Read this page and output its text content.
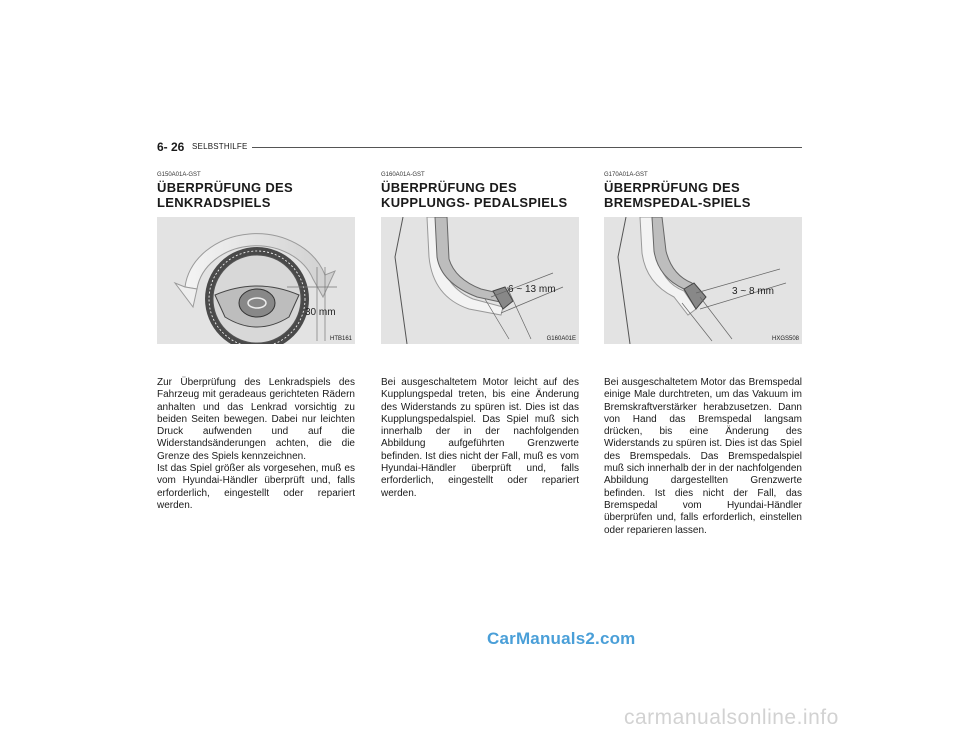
6- 26 SELBSTHILFE
G150A01A-GST
ÜBERPRÜFUNG DES
LENKRADSPIELS
30 mm
HTB161

Zur Überprüfung des Lenkradspiels des Fahrzeug mit geradeaus gerichteten Rädern anhalten und das Lenkrad vorsichtig zu beiden Seiten bewegen. Dabei nur leichten Druck aufwenden und auf die Widerstandsänderungen achten, die die Grenze des Spiels kennzeichnen.

Ist das Spiel größer als vorgesehen, muß es vom Hyundai-Händler überprüft und, falls erforderlich, eingestellt oder repariert werden.

G160A01A-GST
ÜBERPRÜFUNG DES
KUPPLUNGS- PEDALSPIELS
6 ~ 13 mm
G160A01E

Bei ausgeschaltetem Motor leicht auf des Kupplungspedal treten, bis eine Änderung des Widerstands zu spüren ist. Dies ist das Kupplungspedalspiel. Das Spiel muß sich innerhalb der in der nachfolgenden Abbildung aufgeführten Grenzwerte befinden. Ist dies nicht der Fall, muß es vom Hyundai-Händler überprüft und, falls erforderlich, eingestellt oder repariert werden.

G170A01A-GST
ÜBERPRÜFUNG DES
BREMSPEDAL-SPIELS
3 ~ 8 mm
HXGS508

Bei ausgeschaltetem Motor das Bremspedal einige Male durchtreten, um das Vakuum im Bremskraftverstärker herabzusetzen. Dann von Hand das Bremspedal langsam drücken, bis eine Änderung des Widerstands zu spüren ist. Dies ist das Spiel des Bremspedals. Das Bremspedalspiel muß sich innerhalb der in der nachfolgenden Abbildung dargestellten Grenzwerte befinden. Ist dies nicht der Fall, das Bremspedal vom Hyundai-Händler überprüfen und, falls erforderlich, einstellen oder reparieren lassen.

CarManuals2.com
carmanualsonline.info
